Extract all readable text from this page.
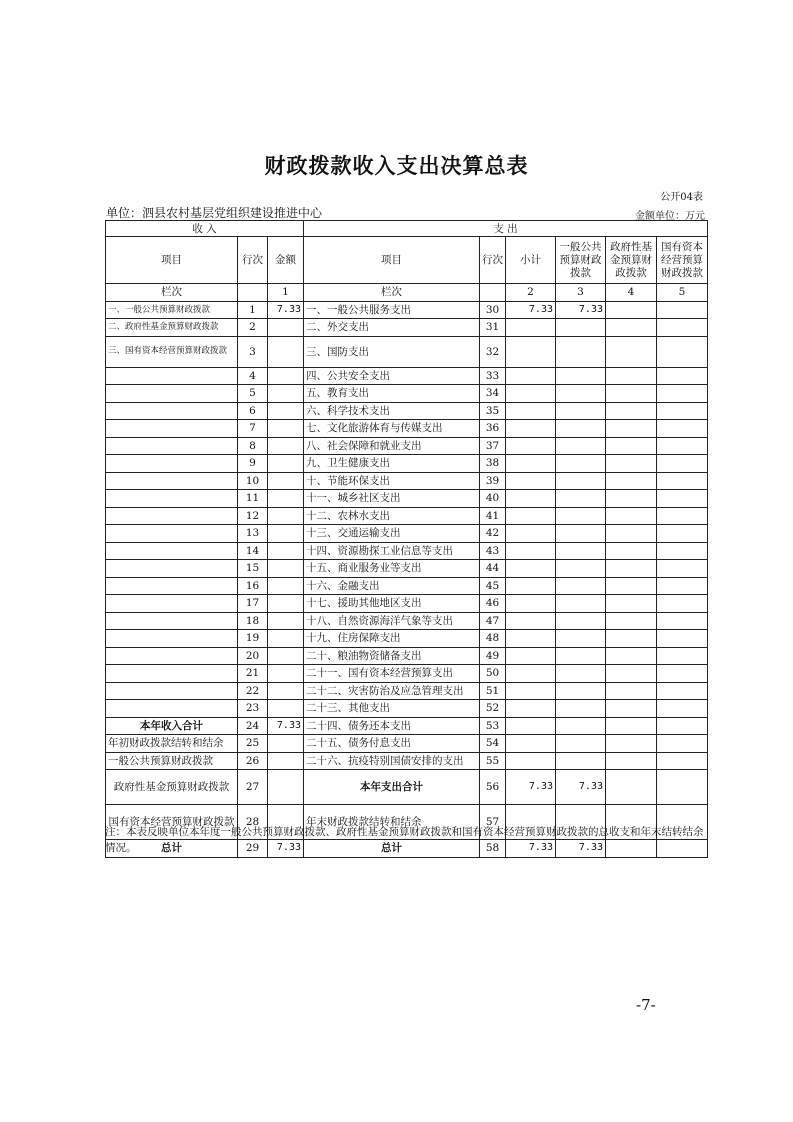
财政拨款收入支出决算总表
公开04表
单位：泗县农村基层党组织建设推进中心	金额单位：万元
收 入			支 出					
项目	行次	金额	项目	行次	小计	一般公共预算财政拨款	政府性基金预算财政拨款	国有资本经营预算财政拨款
栏次		1	栏次		2	3	4	5
一、一般公共预算财政拨款	1	7.33	一、一般公共服务支出	30	7.33	7.33		
二、政府性基金预算财政拨款	2		二、外交支出	31				
三、国有资本经营预算财政拨款	3		三、国防支出	32				
	4		四、公共安全支出	33				
	5		五、教育支出	34				
	6		六、科学技术支出	35				
	7		七、文化旅游体育与传媒支出	36				
	8		八、社会保障和就业支出	37				
	9		九、卫生健康支出	38				
	10		十、节能环保支出	39				
	11		十一、城乡社区支出	40				
	12		十二、农林水支出	41				
	13		十三、交通运输支出	42				
	14		十四、资源勘探工业信息等支出	43				
	15		十五、商业服务业等支出	44				
	16		十六、金融支出	45				
	17		十七、援助其他地区支出	46				
	18		十八、自然资源海洋气象等支出	47				
	19		十九、住房保障支出	48				
	20		二十、粮油物资储备支出	49				
	21		二十一、国有资本经营预算支出	50				
	22		二十二、灾害防治及应急管理支出	51				
	23		二十三、其他支出	52				
本年收入合计	24	7.33	二十四、债务还本支出	53				
年初财政拨款结转和结余	25		二十五、债务付息支出	54				
一般公共预算财政拨款	26		二十六、抗疫特别国债安排的支出	55				
政府性基金预算财政拨款	27		本年支出合计	56	7.33	7.33		
国有资本经营预算财政拨款	28		年末财政拨款结转和结余	57				
总计	29	7.33	总计	58	7.33	7.33		
注：本表反映单位本年度一般公共预算财政拨款、政府性基金预算财政拨款和国有资本经营预算财政拨款的总收支和年末结转结余情况。
-7-
